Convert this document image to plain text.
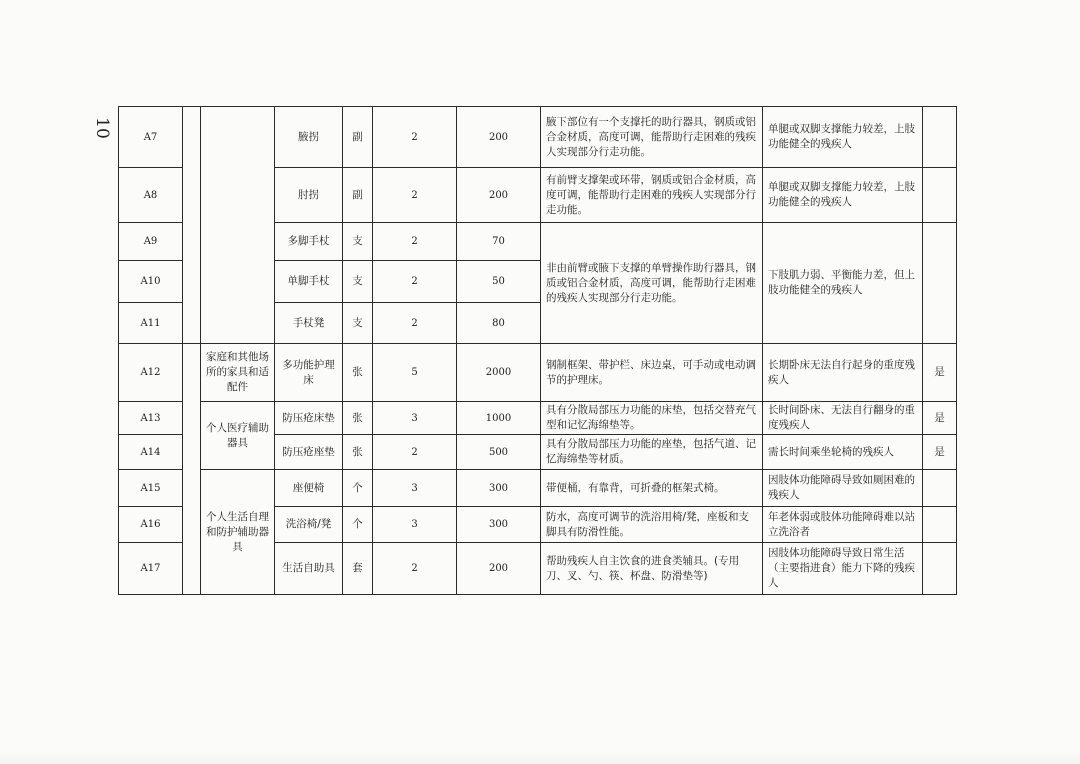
10	A7			腋拐	副	2	200	腋下部位有一个支撑托的助行器具，钢质或铝合金材质，高度可调，能帮助行走困难的残疾人实现部分行走功能。	单腿或双脚支撑能力较差，上肢功能健全的残疾人	
A8			肘拐	副	2	200	有前臂支撑架或环带，钢质或铝合金材质，高度可调，能帮助行走困难的残疾人实现部分行走功能。	单腿或双脚支撑能力较差，上肢功能健全的残疾人	
A9			多脚手杖	支	2	70	非由前臂或腋下支撑的单臂操作助行器具，钢质或铝合金材质，高度可调，能帮助行走困难的残疾人实现部分行走功能。	下肢肌力弱、平衡能力差，但上肢功能健全的残疾人	
A10			单脚手杖	支	2	50			
A11			手杖凳	支	2	80			
A12		家庭和其他场所的家具和适配件	多功能护理床	张	5	2000	钢制框架、带护栏、床边桌，可手动或电动调节的护理床。	长期卧床无法自行起身的重度残疾人	是
A13		个人医疗辅助器具	防压疮床垫	张	3	1000	具有分散局部压力功能的床垫，包括交替充气型和记忆海绵垫等。	长时间卧床、无法自行翻身的重度残疾人	是
A14			防压疮座垫	张	2	500	具有分散局部压力功能的座垫，包括气道、记忆海绵垫等材质。	需长时间乘坐轮椅的残疾人	是
A15		个人生活自理和防护辅助器具	座便椅	个	3	300	带便桶，有靠背，可折叠的框架式椅。	因肢体功能障碍导致如厕困难的残疾人	
A16			洗浴椅/凳	个	3	300	防水，高度可调节的洗浴用椅/凳，座板和支脚具有防滑性能。	年老体弱或肢体功能障碍难以站立洗浴者	
A17			生活自助具	套	2	200	帮助残疾人自主饮食的进食类辅具。(专用刀、叉、勺、筷、杯盘、防滑垫等)	因肢体功能障碍导致日常生活（主要指进食）能力下降的残疾人	
